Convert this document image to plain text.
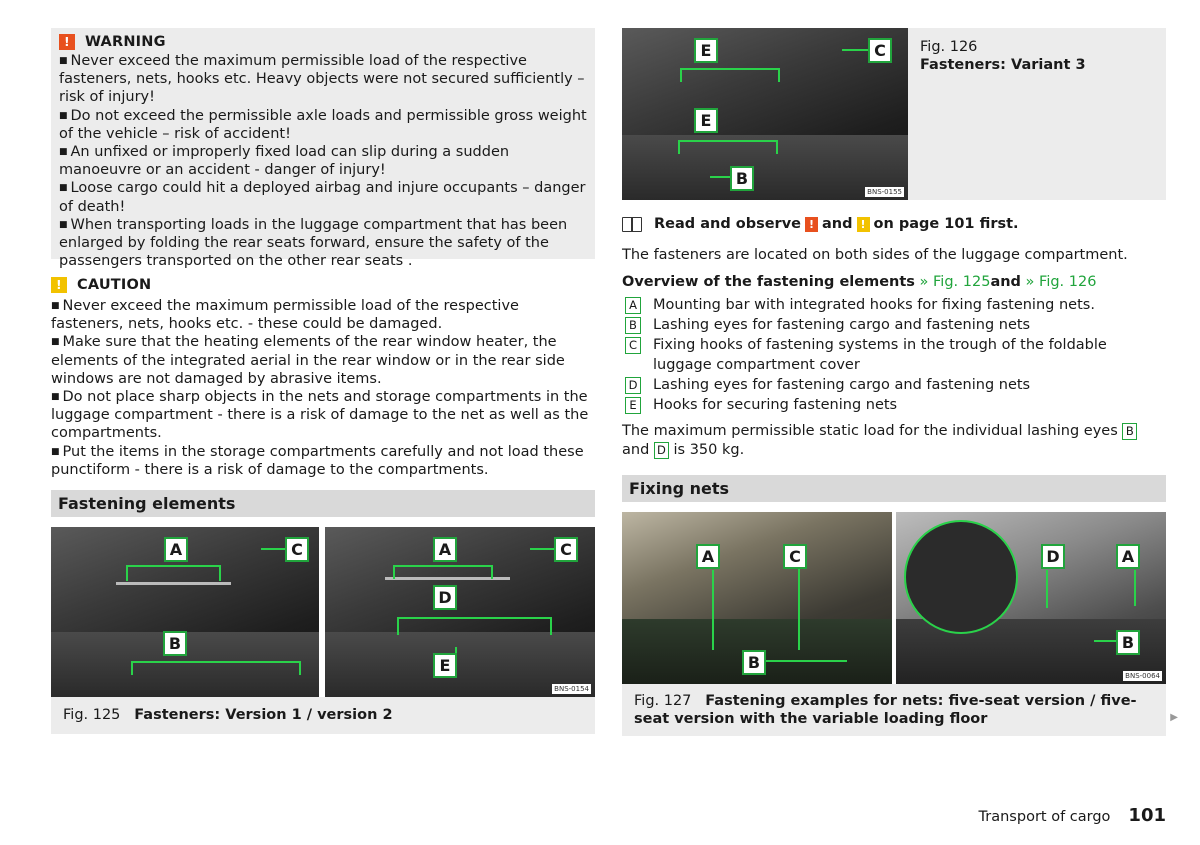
!	WARNING

■ Never exceed the maximum permissible load of the respective fasteners, nets, hooks etc. Heavy objects were not secured sufficiently – risk of injury!

■ Do not exceed the permissible axle loads and permissible gross weight of the vehicle – risk of accident!

■ An unfixed or improperly fixed load can slip during a sudden manoeuvre or an accident - danger of injury!

■ Loose cargo could hit a deployed airbag and injure occupants – danger of death!

■ When transporting loads in the luggage compartment that has been enlarged by folding the rear seats forward, ensure the safety of the passengers transported on the other rear seats .

!	CAUTION

■ Never exceed the maximum permissible load of the respective fasteners, nets, hooks etc. - these could be damaged.

■ Make sure that the heating elements of the rear window heater, the elements of the integrated aerial in the rear window or in the rear side windows are not damaged by abrasive items.

■ Do not place sharp objects in the nets and storage compartments in the luggage compartment - there is a risk of damage to the net as well as the compartments.

■ Put the items in the storage compartments carefully and not load these punctiform - there is a risk of damage to the compartments.

Fastening elements
A	C
B
A	C
D
E
BNS-0154
Fig. 125 Fasteners: Version 1 / version 2
E	C
E
B
BNS-0155
Fig. 126
Fasteners: Variant 3
Read and observe ! and ! on page 101 first.

The fasteners are located on both sides of the luggage compartment.

Overview of the fastening elements » Fig. 125and » Fig. 126

A Mounting bar with integrated hooks for fixing fastening nets.
B Lashing eyes for fastening cargo and fastening nets
C Fixing hooks of fastening systems in the trough of the foldable luggage compartment cover
D Lashing eyes for fastening cargo and fastening nets
E	Hooks for securing fastening nets

The maximum permissible static load for the individual lashing eyes B and D is 350 kg.

Fixing nets
A	C
B
D	A
B
BNS-0064
Fig. 127 Fastening examples for nets: five-seat version / five-seat version with the variable loading floor	▶
Transport of cargo 101
